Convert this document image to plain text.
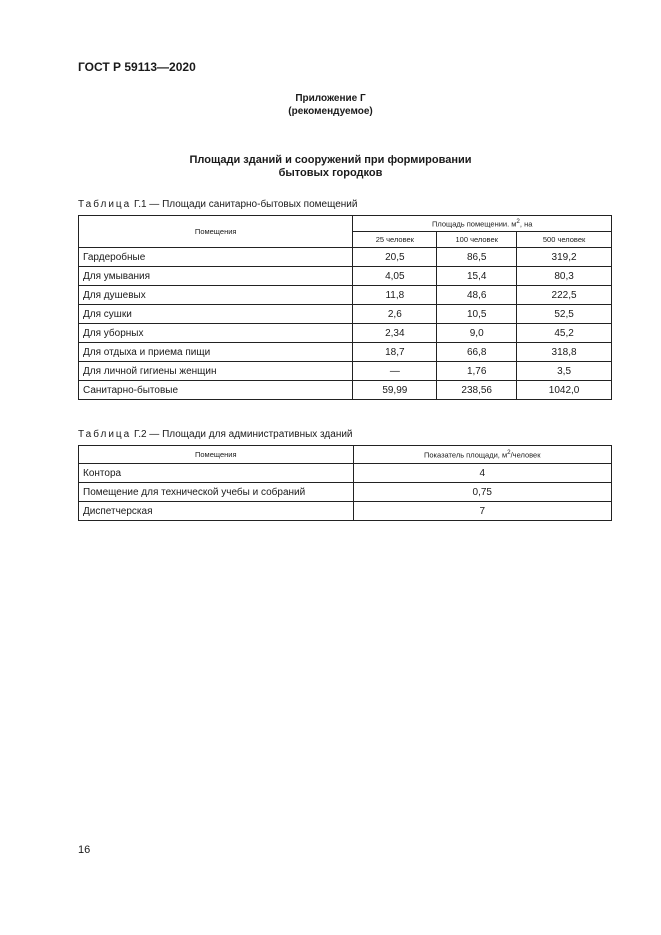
ГОСТ Р 59113—2020
Приложение Г
(рекомендуемое)
Площади зданий и сооружений при формировании
бытовых городков
Таблица Г.1 — Площади санитарно-бытовых помещений
Помещения	Площадь помещении. $м^2$, на		
	25 человек	100 человек	500 человек
Гардеробные	20,5	86,5	319,2
Для умывания	4,05	15,4	80,3
Для душевых	11,8	48,6	222,5
Для сушки	2,6	10,5	52,5
Для уборных	2,34	9,0	45,2
Для отдыха и приема пищи	18,7	66,8	318,8
Для личной гигиены женщин	—	1,76	3,5
Санитарно-бытовые	59,99	238,56	1042,0
Таблица Г.2 — Площади для административных зданий
Помещения	Показатель площади, $м^2$/человек
Контора	4
Помещение для технической учебы и собраний	0,75
Диспетчерская	7
16
